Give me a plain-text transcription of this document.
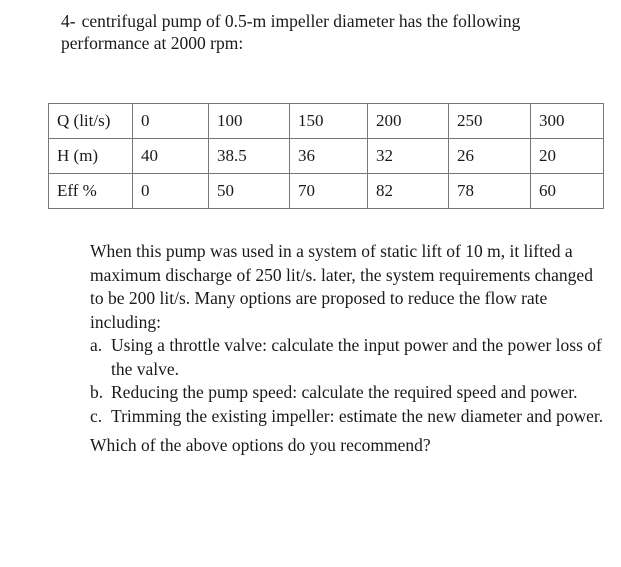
4- centrifugal pump of 0.5-m impeller diameter has the following performance at 2000 rpm:
Q (lit/s)	0	100	150	200	250	300
H (m)	40	38.5	36	32	26	20
Eff %	0	50	70	82	78	60

When this pump was used in a system of static lift of 10 m, it lifted a maximum discharge of 250 lit/s. later, the system requirements changed to be 200 lit/s. Many options are proposed to reduce the flow rate including:

a. Using a throttle valve: calculate the input power and the power loss of the valve.
b. Reducing the pump speed: calculate the required speed and power.
c. Trimming the existing impeller: estimate the new diameter and power.

Which of the above options do you recommend?
